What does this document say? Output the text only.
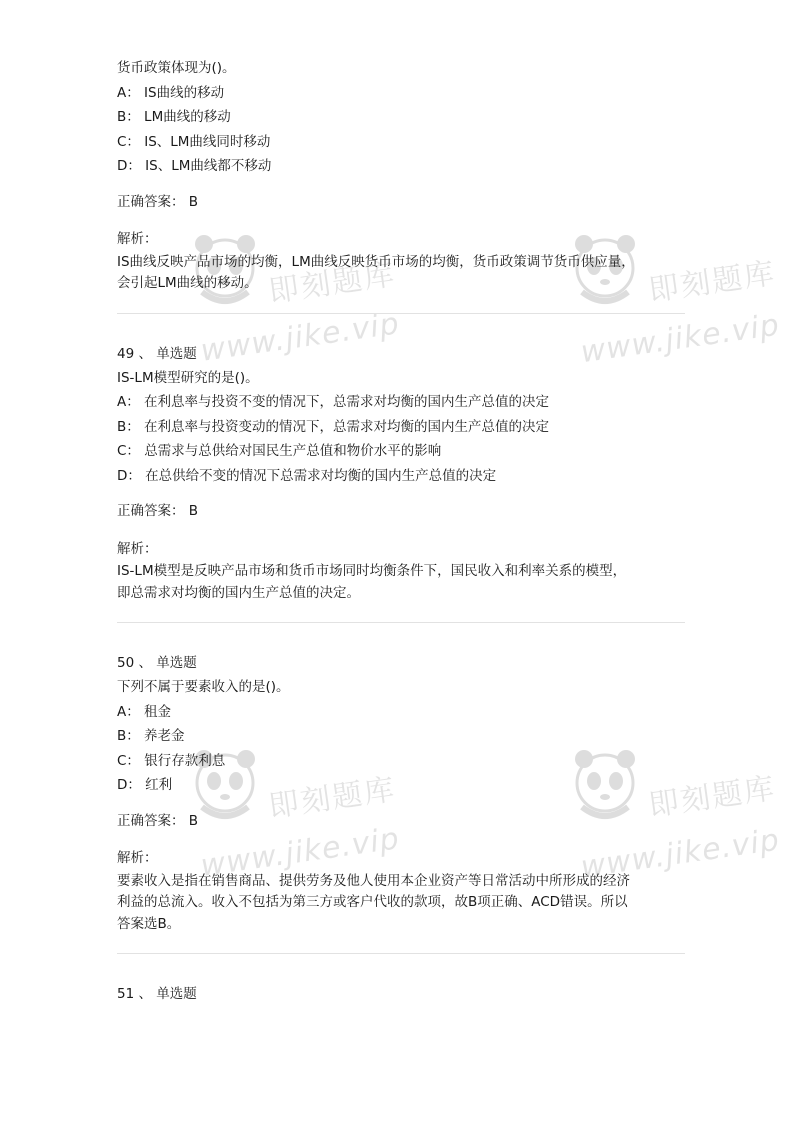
即刻题库
www.jike.vip
即刻题库
www.jike.vip
即刻题库
www.jike.vip
即刻题库
www.jike.vip
货币政策体现为()。
A： IS曲线的移动
B： LM曲线的移动
C： IS、LM曲线同时移动
D： IS、LM曲线都不移动
正确答案： B
解析：
IS曲线反映产品市场的均衡，LM曲线反映货币市场的均衡，货币政策调节货币供应量，
会引起LM曲线的移动。
49 、 单选题
IS-LM模型研究的是()。
A： 在利息率与投资不变的情况下，总需求对均衡的国内生产总值的决定
B： 在利息率与投资变动的情况下，总需求对均衡的国内生产总值的决定
C： 总需求与总供给对国民生产总值和物价水平的影响
D： 在总供给不变的情况下总需求对均衡的国内生产总值的决定
正确答案： B
解析：
IS-LM模型是反映产品市场和货币市场同时均衡条件下，国民收入和利率关系的模型，
即总需求对均衡的国内生产总值的决定。
50 、 单选题
下列不属于要素收入的是()。
A： 租金
B： 养老金
C： 银行存款利息
D： 红利
正确答案： B
解析：
要素收入是指在销售商品、提供劳务及他人使用本企业资产等日常活动中所形成的经济
利益的总流入。收入不包括为第三方或客户代收的款项，故B项正确、ACD错误。所以
答案选B。
51 、 单选题
